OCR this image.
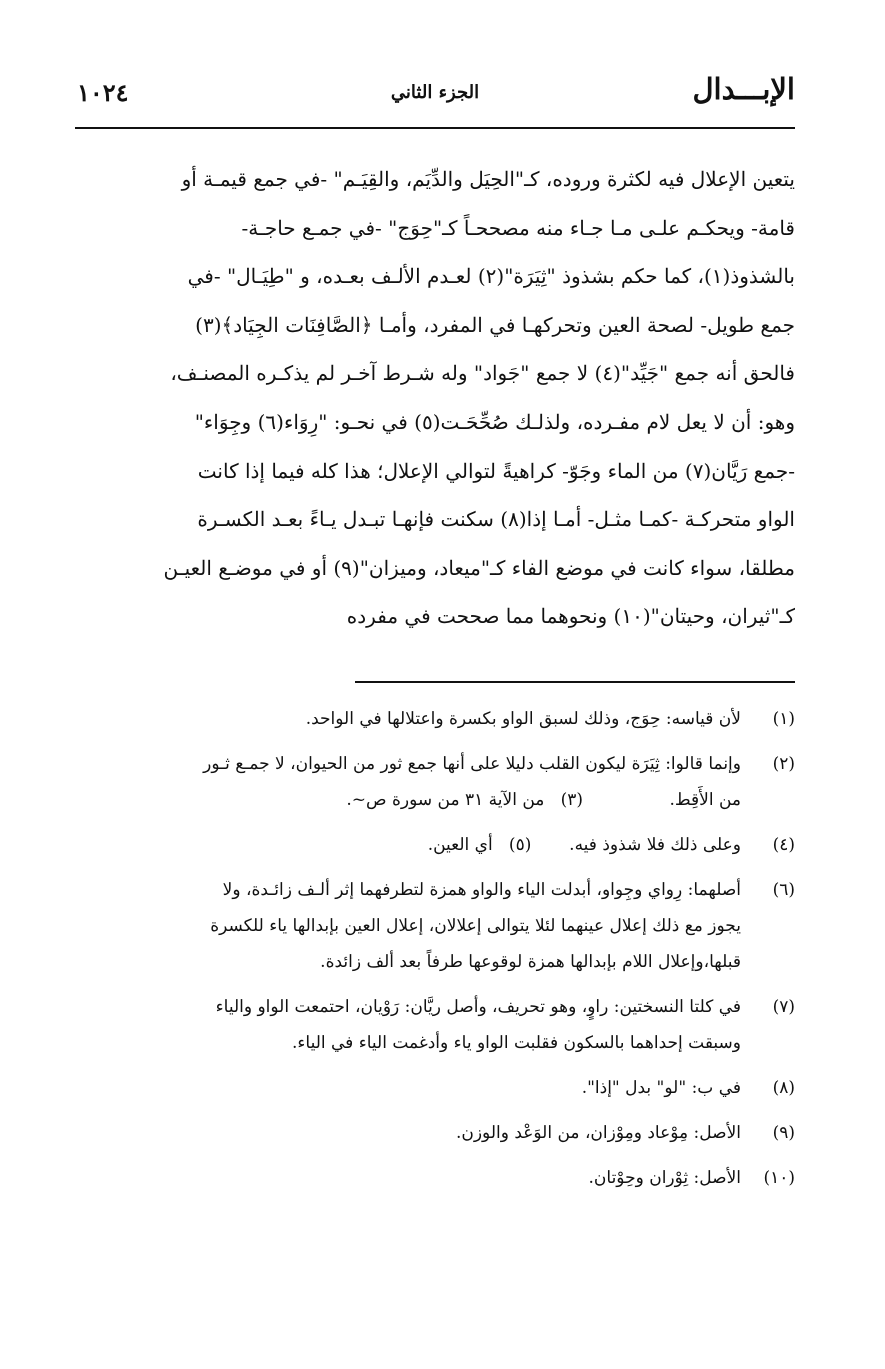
الإبـــدال
الجزء الثاني
١٠٢٤
يتعين الإعلال فيه لكثرة وروده، كـ"الحِيَل والدِّيَم، والقِيَـم" -في جمع قيمـة أو
قامة- ويحكـم علـى مـا جـاء منه مصححـاً كـ"حِوَج" -في جمـع حاجـة-
بالشذوذ(١)، كما حكم بشذوذ "ثِيَرَة"(٢) لعـدم الألـف بعـده، و "طِيَـال" -في
جمع طويل- لصحة العين وتحركهـا في المفرد، وأمـا ﴿الصَّافِنَات الجِيَاد﴾(٣)
فالحق أنه جمع "جَيِّد"(٤) لا جمع "جَواد" وله شـرط آخـر لم يذكـره المصنـف،
وهو: أن لا يعل لام مفـرده، ولذلـك صُحِّحَـت(٥) في نحـو: "رِوَاء(٦) وجِوَاء"
-جمع رَيَّان(٧) من الماء وجَوّ- كراهيةً لتوالي الإعلال؛ هذا كله فيما إذا كانت
الواو متحركـة -كمـا مثـل- أمـا إذا(٨) سكنت فإنهـا تبـدل يـاءً بعـد الكسـرة
مطلقا، سواء كانت في موضع الفاء كـ"ميعاد، وميزان"(٩) أو في موضـع العيـن
كـ"ثيران، وحيتان"(١٠) ونحوهما مما صححت في مفرده
(١)
لأن قياسه: حِوَج، وذلك لسبق الواو بكسرة واعتلالها في الواحد.
(٢)
وإنما قالوا: ثِيَرَة ليكون القلب دليلا على أنها جمع ثور من الحيوان، لا جمـع ثـور
من الأَقِط.                (٣)   من الآية ٣١ من سورة ص~.
(٤)
وعلى ذلك فلا شذوذ فيه.       (٥)   أي العين.
(٦)
أصلهما: رِواي وجِواو، أبدلت الياء والواو همزة لتطرفهما إثر ألـف زائـدة، ولا
يجوز مع ذلك إعلال عينهما لئلا يتوالى إعلالان، إعلال العين بإبدالها ياء للكسرة
قبلها،وإعلال اللام بإبدالها همزة لوقوعها طرفاً بعد ألف زائدة.
(٧)
في كلتا النسختين: راوٍ، وهو تحريف، وأصل ريَّان: رَوْيان، احتمعت الواو والياء
وسبقت إحداهما بالسكون فقلبت الواو ياء وأدغمت الياء في الياء.
(٨)
في ب: "لو" بدل "إذا".
(٩)
الأصل: مِوْعاد ومِوْزان، من الوَعْد والوزن.
(١٠)
الأصل: ثِوْران وحِوْتان.
